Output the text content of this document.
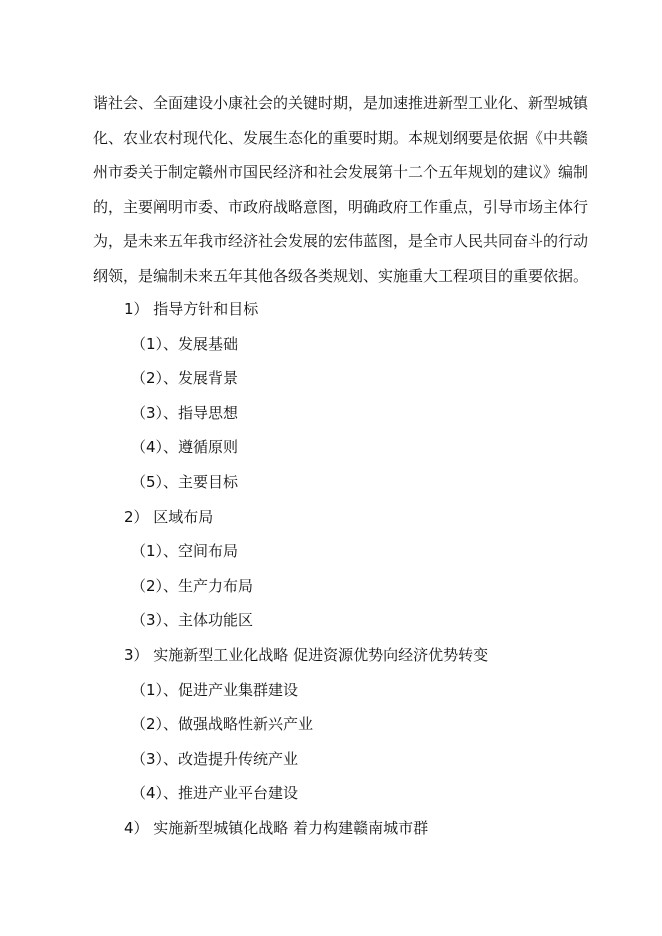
谐社会、全面建设小康社会的关键时期，是加速推进新型工业化、新型城镇
化、农业农村现代化、发展生态化的重要时期。本规划纲要是依据《中共赣
州市委关于制定赣州市国民经济和社会发展第十二个五年规划的建议》编制
的，主要阐明市委、市政府战略意图，明确政府工作重点，引导市场主体行
为，是未来五年我市经济社会发展的宏伟蓝图，是全市人民共同奋斗的行动
纲领，是编制未来五年其他各级各类规划、实施重大工程项目的重要依据。
1） 指导方针和目标
（1）、发展基础
（2）、发展背景
（3）、指导思想
（4）、遵循原则
（5）、主要目标
2） 区域布局
（1）、空间布局
（2）、生产力布局
（3）、主体功能区
3） 实施新型工业化战略 促进资源优势向经济优势转变
（1）、促进产业集群建设
（2）、做强战略性新兴产业
（3）、改造提升传统产业
（4）、推进产业平台建设
4） 实施新型城镇化战略 着力构建赣南城市群
